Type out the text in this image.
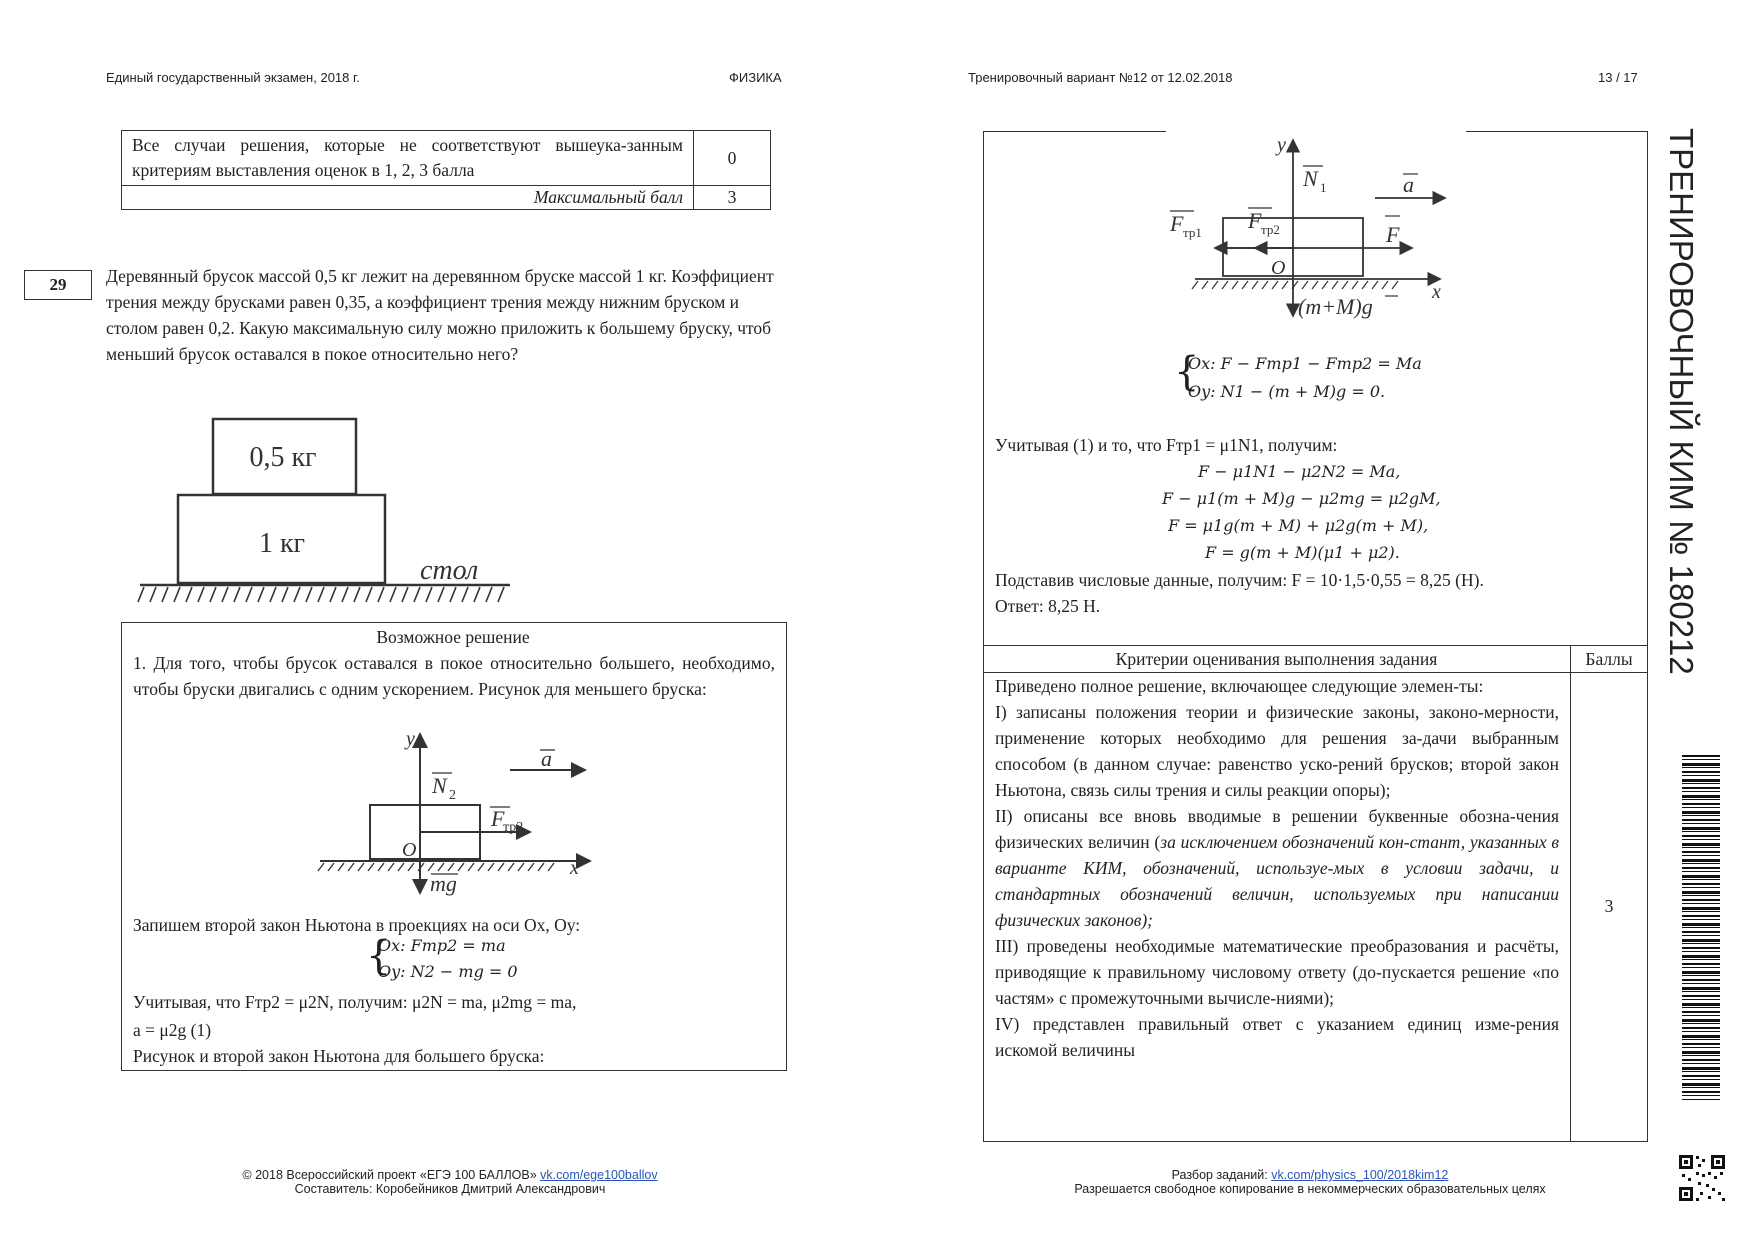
Единый государственный экзамен, 2018 г.	ФИЗИКА	Тренировочный вариант №12 от 12.02.2018	13 / 17
Все случаи решения, которые не соответствуют вышеука-занным критериям выставления оценок в 1, 2, 3 балла	0
Максимальный балл	3
29	Деревянный брусок массой 0,5 кг лежит на деревянном бруске массой 1 кг. Коэффициент трения между брусками равен 0,35, а коэффициент трения между нижним бруском и столом равен 0,2. Какую максимальную силу можно приложить к большему бруску, чтоб меньший брусок оставался в покое относительно него?
0,5 кг
1 кг
стол
Возможное решение
1. Для того, чтобы брусок оставался в покое относительно большего, необходимо, чтобы бруски двигались с одним ускорением. Рисунок для меньшего бруска:
y
N 2
a
F
тр2
O
x
mg
Запишем второй закон Ньютона в проекциях на оси Ох, Оу:
{
Ox: Fтр2 = ma
Oy: N2 − mg = 0
Учитывая, что Fтр2 = μ2N, получим: μ2N = ma, μ2mg = ma,
a = μ2g (1)
Рисунок и второй закон Ньютона для большего бруска:
y
N 1	a
F тр1 F тр2	F
O
x
(m+M)g
{
Ox: F − Fтр1 − Fтр2 = Ma
Oy: N1 − (m + M)g = 0.
Учитывая (1) и то, что Fтр1 = μ1N1, получим:
F − μ1N1 − μ2N2 = Ma,
F − μ1(m + M)g − μ2mg = μ2gM,
F = μ1g(m + M) + μ2g(m + M),
F = g(m + M)(μ1 + μ2).
Подставив числовые данные, получим: F = 10·1,5·0,55 = 8,25 (Н).
Ответ: 8,25 Н.
Критерии оценивания выполнения задания	Баллы
Приведено полное решение, включающее следующие элемен-ты:
I) записаны положения теории и физические законы, законо-мерности, применение которых необходимо для решения за-дачи выбранным способом (в данном случае: равенство уско-рений брусков; второй закон Ньютона, связь силы трения и силы реакции опоры);
II) описаны все вновь вводимые в решении буквенные обозна-чения физических величин (за исключением обозначений кон-стант, указанных в варианте КИМ, обозначений, используе-мых в условии задачи, и стандартных обозначений величин, используемых при написании физических законов);
III) проведены необходимые математические преобразования и расчёты, приводящие к правильному числовому ответу (до-пускается решение «по частям» с промежуточными вычисле-ниями);
IV) представлен правильный ответ с указанием единиц изме-рения искомой величины
3
ТРЕНИРОВОЧНЫЙ КИМ № 180212
© 2018 Всероссийский проект «ЕГЭ 100 БАЛЛОВ» vk.com/ege100ballov
Составитель: Коробейников Дмитрий Александрович
Разбор заданий: vk.com/physics_100/2018kim12
Разрешается свободное копирование в некоммерческих образовательных целях
